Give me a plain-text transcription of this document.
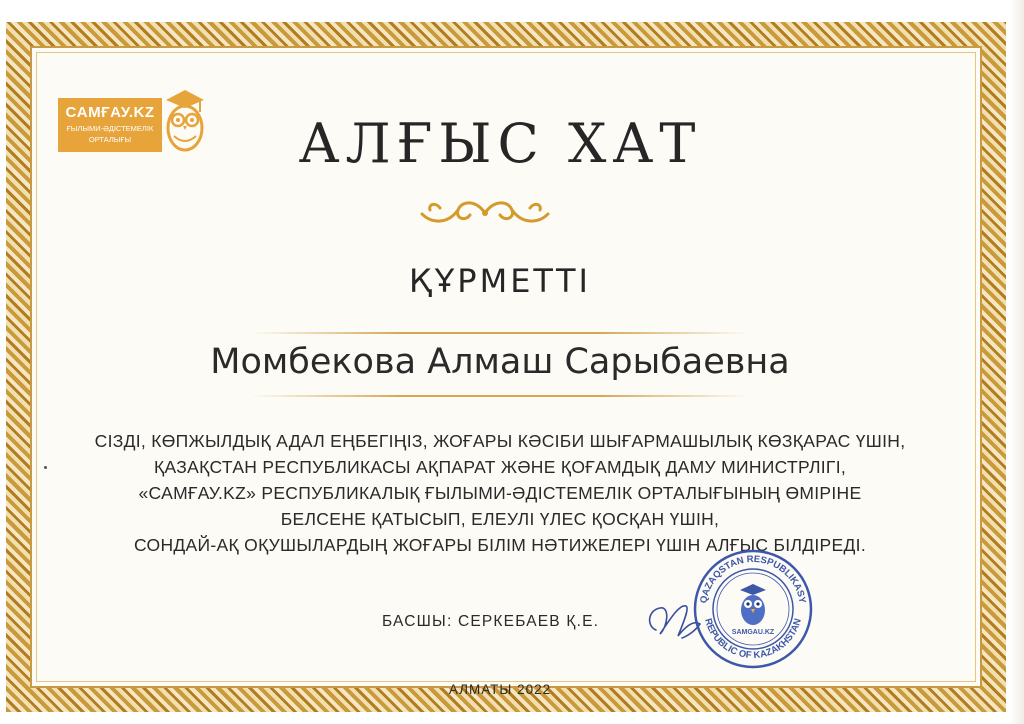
CAMҒАУ.KZ
ҒЫЛЫМИ-ӘДІСТЕМЕЛІК
ОРТАЛЫҒЫ	АЛҒЫС ХАТ
ҚҰРМЕТТІ
Момбекова Алмаш Сарыбаевна
СІЗДІ, КӨПЖЫЛДЫҚ АДАЛ ЕҢБЕГІҢІЗ, ЖОҒАРЫ КӘСІБИ ШЫҒАРМАШЫЛЫҚ КӨЗҚАРАС ҮШІН,
ҚАЗАҚСТАН РЕСПУБЛИКАСЫ АҚПАРАТ ЖӘНЕ ҚОҒАМДЫҚ ДАМУ МИНИСТРЛІГІ,
«САМҒАУ.KZ» РЕСПУБЛИКАЛЫҚ ҒЫЛЫМИ-ӘДІСТЕМЕЛІК ОРТАЛЫҒЫНЫҢ ӨМІРІНЕ
БЕЛСЕНЕ ҚАТЫСЫП, ЕЛЕУЛІ ҮЛЕС ҚОСҚАН ҮШІН,
СОНДАЙ-АҚ ОҚУШЫЛАРДЫҢ ЖОҒАРЫ БІЛІМ НӘТИЖЕЛЕРІ ҮШІН АЛҒЫС БІЛДІРЕДІ.
QAZAQSTAN RESPUBLIKASY
REPUBLIC OF KAZAKHSTAN
SAMGAU.KZ
БАСШЫ: СЕРКЕБАЕВ Қ.Е.
АЛМАТЫ 2022
